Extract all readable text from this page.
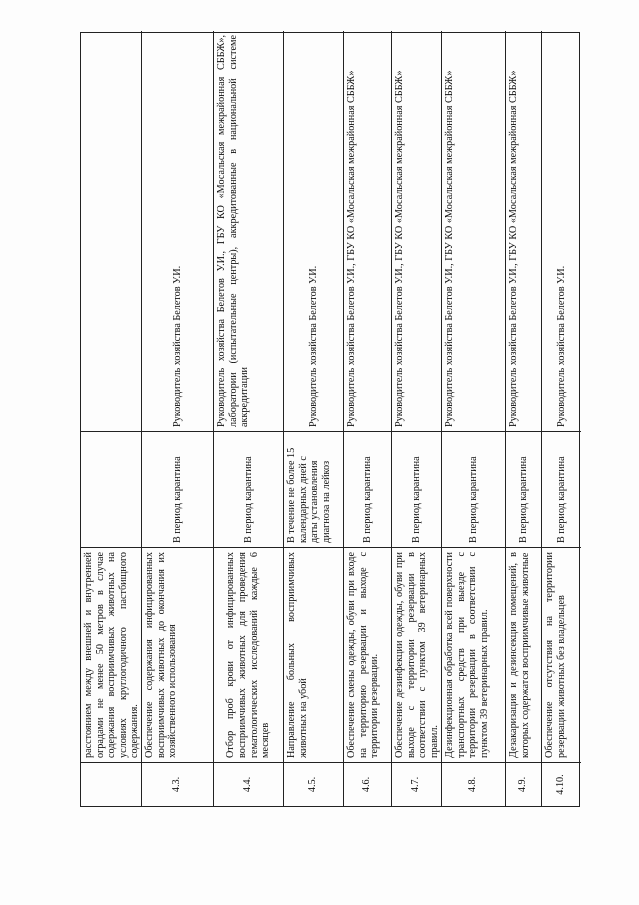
расстоянием между внешней и внутренней оградами не менее 50 метров в случае содержания восприимчивых животных на условиях круглогодичного пастбищного содержания.
4.3.
Обеспечение содержания инфицированных восприимчивых животных до окончания их хозяйственного использования
В период карантина
Руководитель хозяйства Белетов У.И.
4.4.
Отбор проб крови от инфицированных восприимчивых животных для проведения гематологических исследований каждые 6 месяцев
В период карантина
Руководитель хозяйства Белетов У.И., ГБУ КО «Мосальская межрайонная СББЖ», лаборатории (испытательные центры), аккредитованные в национальной системе аккредитации
4.5.
Направление больных восприимчивых животных на убой
В течение не более 15 календарных дней с даты установления диагноза на лейкоз
Руководитель хозяйства Белетов У.И.
4.6.
Обеспечение смены одежды, обуви при входе на территорию резервации и выходе с территории резервации.
В период карантина
Руководитель хозяйства Белетов У.И., ГБУ КО «Мосальская межрайонная СББЖ»
4.7.
Обеспечение дезинфекции одежды, обуви при выходе с территории резервации в соответствии с пунктом 39 ветеринарных правил.
В период карантина
Руководитель хозяйства Белетов У.И., ГБУ КО «Мосальская межрайонная СББЖ»
4.8.
Дезинфекционная обработка всей поверхности транспортных средств при выезде с территории резервации в соответствии с пунктом 39 ветеринарных правил.
В период карантина
Руководитель хозяйства Белетов У.И., ГБУ КО «Мосальская межрайонная СББЖ»
4.9.
Дезакаризация и дезинсекция помещений, в которых содержатся восприимчивые животные
В период карантина
Руководитель хозяйства Белетов У.И., ГБУ КО «Мосальская межрайонная СББЖ»
4.10.
Обеспечение отсутствия на территории резервации животных без владельцев
В период карантина
Руководитель хозяйства Белетов У.И.
